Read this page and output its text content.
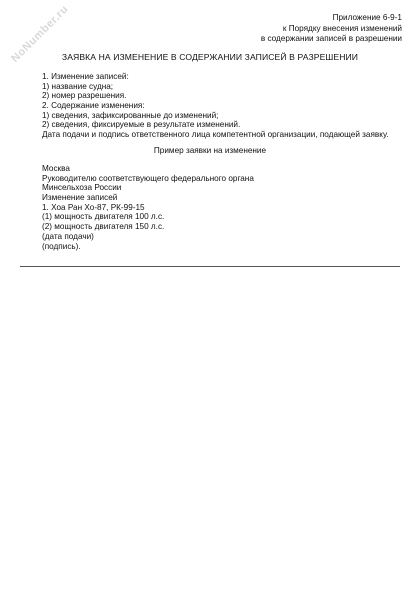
NoNumber.ru	Приложение 6-9-1
к Порядку внесения изменений
в содержании записей в разрешении
ЗАЯВКА НА ИЗМЕНЕНИЕ В СОДЕРЖАНИИ ЗАПИСЕЙ В РАЗРЕШЕНИИ
1. Изменение записей:
1) название судна;
2) номер разрешения.
2. Содержание изменения:
1) сведения, зафиксированные до изменений;
2) сведения, фиксируемые в результате изменений.
Дата подачи и подпись ответственного лица компетентной организации, подающей заявку.
Пример заявки на изменение
Москва
Руководителю соответствующего федерального органа
Минсельхоза России
Изменение записей
1. Хоа Ран Хо-87, РК-99-15
(1) мощность двигателя 100 л.с.
(2) мощность двигателя 150 л.с.
(дата подачи)
(подпись).
